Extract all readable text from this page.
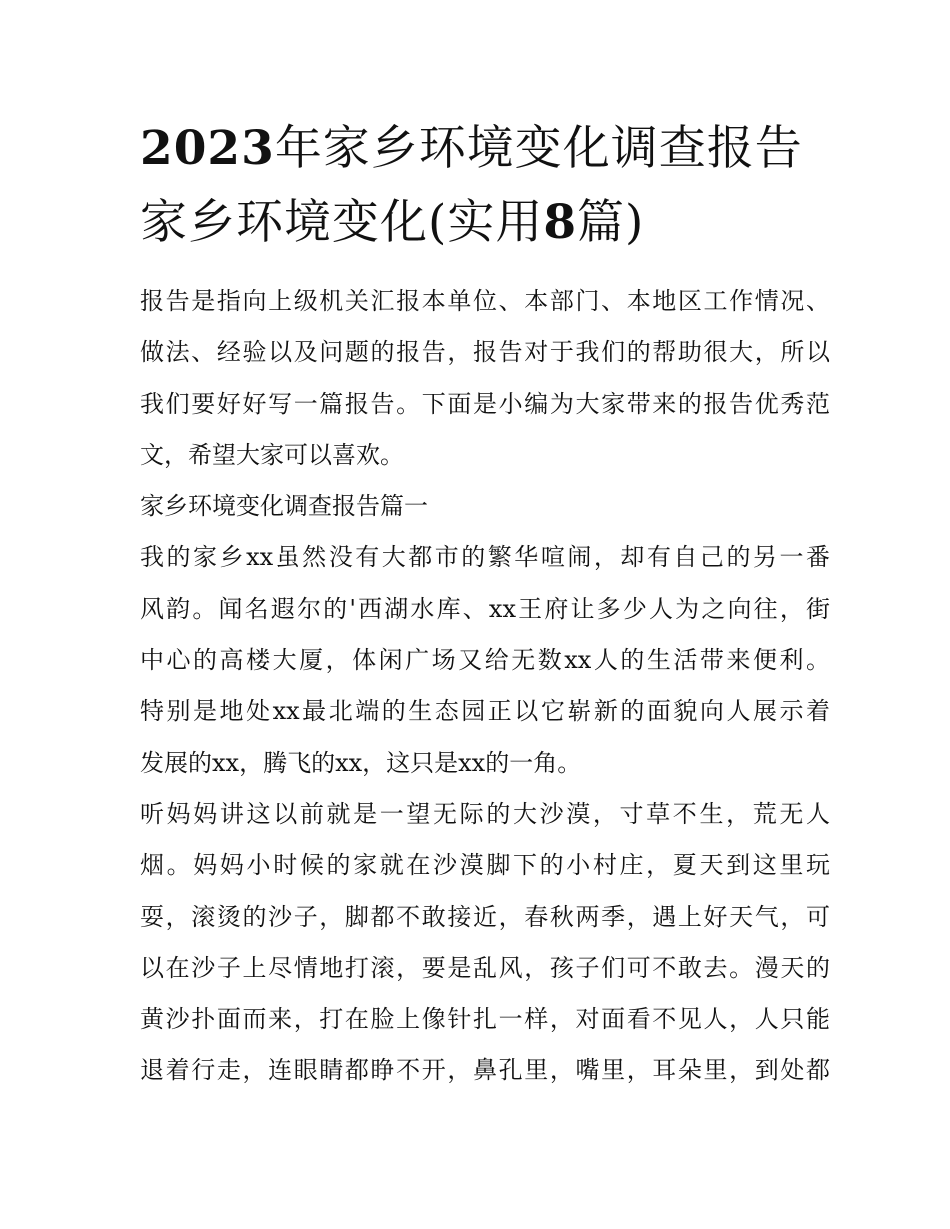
2023年家乡环境变化调查报告
家乡环境变化(实用8篇)

报告是指向上级机关汇报本单位、本部门、本地区工作情况、
做法、经验以及问题的报告，报告对于我们的帮助很大，所以
我们要好好写一篇报告。下面是小编为大家带来的报告优秀范
文，希望大家可以喜欢。

家乡环境变化调查报告篇一

我的家乡xx虽然没有大都市的繁华喧闹，却有自己的另一番
风韵。闻名遐尔的'西湖水库、xx王府让多少人为之向往，街
中心的高楼大厦，体闲广场又给无数xx人的生活带来便利。
特别是地处xx最北端的生态园正以它崭新的面貌向人展示着
发展的xx，腾飞的xx，这只是xx的一角。

听妈妈讲这以前就是一望无际的大沙漠，寸草不生，荒无人
烟。妈妈小时候的家就在沙漠脚下的小村庄，夏天到这里玩
耍，滚烫的沙子，脚都不敢接近，春秋两季，遇上好天气，可
以在沙子上尽情地打滚，要是乱风，孩子们可不敢去。漫天的
黄沙扑面而来，打在脸上像针扎一样，对面看不见人，人只能
退着行走，连眼睛都睁不开，鼻孔里，嘴里，耳朵里，到处都
